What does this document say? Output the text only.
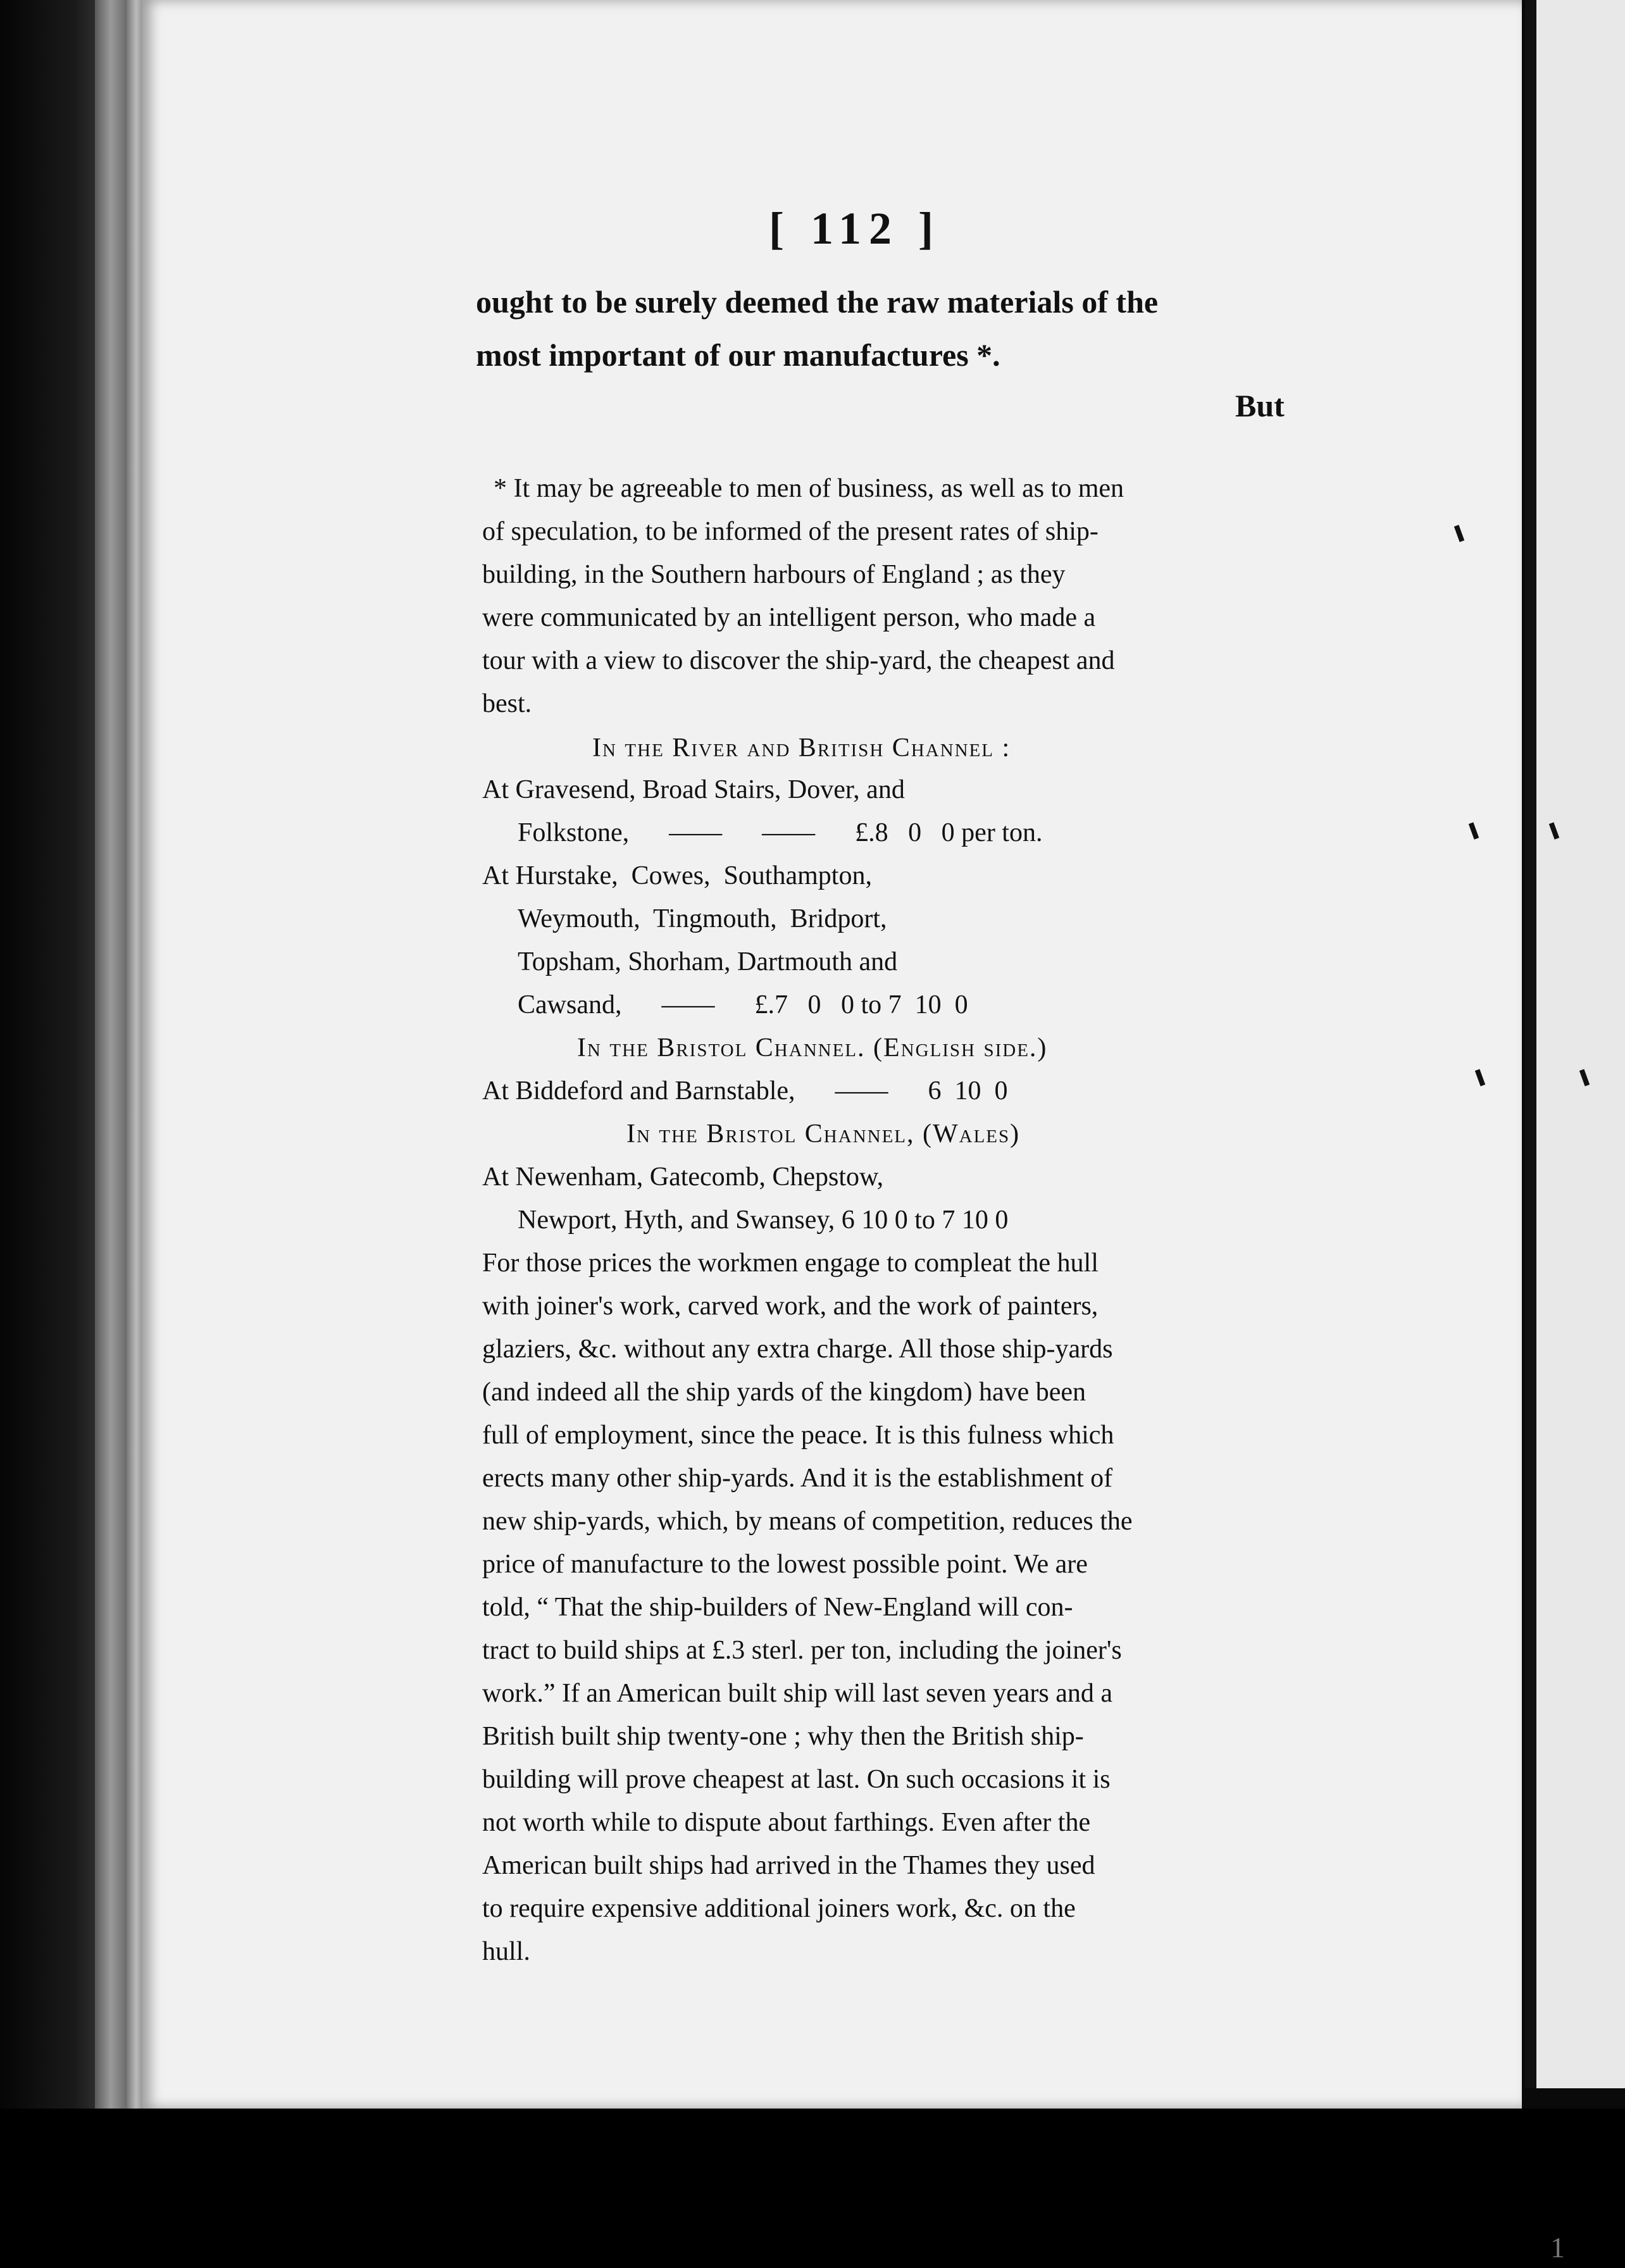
[ 112 ]
ought to be surely deemed the raw materials of the
most important of our manufactures *.
But
* It may be agreeable to men of business, as well as to men
of speculation, to be informed of the present rates of ship-
building, in the Southern harbours of England ; as they
were communicated by an intelligent person, who made a
tour with a view to discover the ship-yard, the cheapest and
best.
In the River and British Channel :
At Gravesend, Broad Stairs, Dover, and
Folkstone,      ——      ——      £.8   0   0 per ton.
At Hurstake,  Cowes,  Southampton,
Weymouth,  Tingmouth,  Bridport,
Topsham, Shorham, Dartmouth and
Cawsand,      ——      £.7   0   0 to 7  10  0
In the Bristol Channel. (English side.)
At Biddeford and Barnstable,      ——      6  10  0
In the Bristol Channel, (Wales)
At Newenham, Gatecomb, Chepstow,
Newport, Hyth, and Swansey, 6 10 0 to 7 10 0
For those prices the workmen engage to compleat the hull
with joiner's work, carved work, and the work of painters,
glaziers, &c. without any extra charge. All those ship-yards
(and indeed all the ship yards of the kingdom) have been
full of employment, since the peace. It is this fulness which
erects many other ship-yards. And it is the establishment of
new ship-yards, which, by means of competition, reduces the
price of manufacture to the lowest possible point. We are
told, “ That the ship-builders of New-England will con-
tract to build ships at £.3 sterl. per ton, including the joiner's
work.” If an American built ship will last seven years and a
British built ship twenty-one ; why then the British ship-
building will prove cheapest at last. On such occasions it is
not worth while to dispute about farthings. Even after the
American built ships had arrived in the Thames they used
to require expensive additional joiners work, &c. on the
hull.
1
